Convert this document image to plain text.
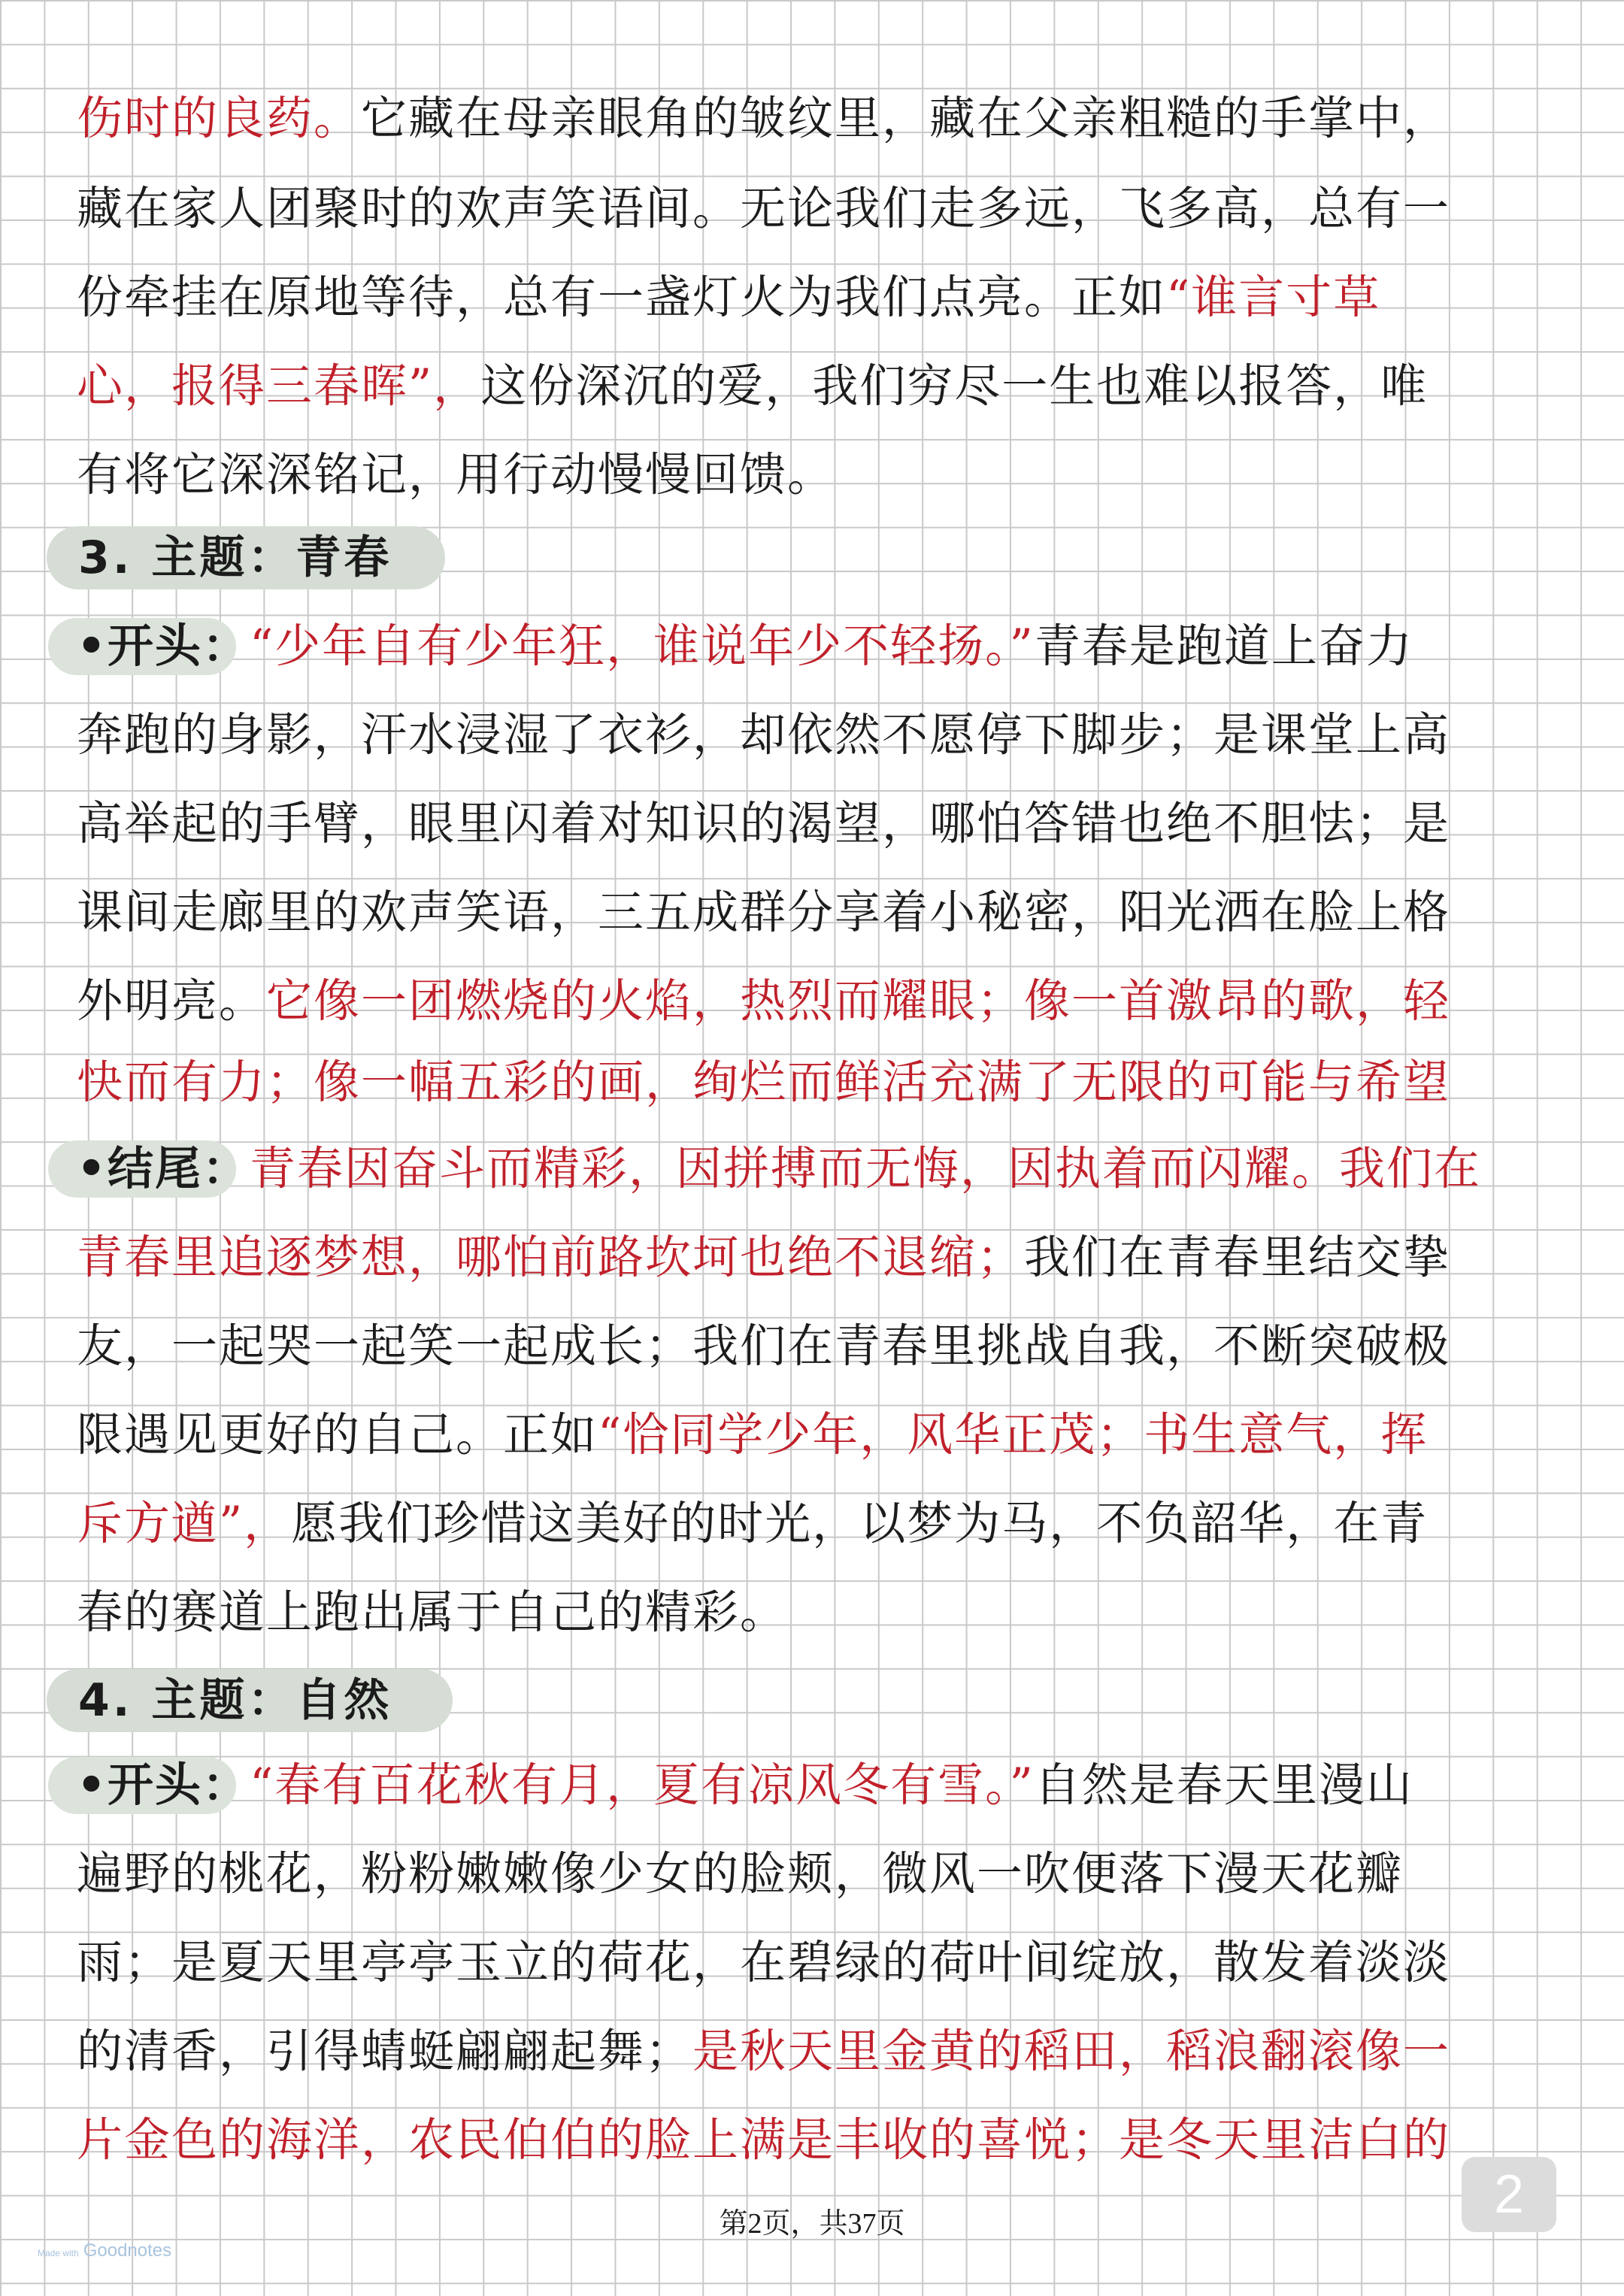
伤时的良药。它藏在母亲眼角的皱纹里，藏在父亲粗糙的手掌中，
藏在家人团聚时的欢声笑语间。无论我们走多远，飞多高，总有一
份牵挂在原地等待，总有一盏灯火为我们点亮。正如“谁言寸草
心，报得三春晖”，这份深沉的爱，我们穷尽一生也难以报答，唯
有将它深深铭记，用行动慢慢回馈。
3. 主题：青春
•开头：“少年自有少年狂，谁说年少不轻扬。”青春是跑道上奋力
奔跑的身影，汗水浸湿了衣衫，却依然不愿停下脚步；是课堂上高
高举起的手臂，眼里闪着对知识的渴望，哪怕答错也绝不胆怯；是
课间走廊里的欢声笑语，三五成群分享着小秘密，阳光洒在脸上格
外明亮。它像一团燃烧的火焰，热烈而耀眼；像一首激昂的歌，轻
快而有力；像一幅五彩的画，绚烂而鲜活充满了无限的可能与希望
•结尾：青春因奋斗而精彩，因拼搏而无悔，因执着而闪耀。我们在
青春里追逐梦想，哪怕前路坎坷也绝不退缩；我们在青春里结交挚
友，一起哭一起笑一起成长；我们在青春里挑战自我，不断突破极
限遇见更好的自己。正如“恰同学少年，风华正茂；书生意气，挥
斥方遒”，愿我们珍惜这美好的时光，以梦为马，不负韶华，在青
春的赛道上跑出属于自己的精彩。
4. 主题：自然
•开头：“春有百花秋有月，夏有凉风冬有雪。”自然是春天里漫山
遍野的桃花，粉粉嫩嫩像少女的脸颊，微风一吹便落下漫天花瓣
雨；是夏天里亭亭玉立的荷花，在碧绿的荷叶间绽放，散发着淡淡
的清香，引得蜻蜓翩翩起舞；是秋天里金黄的稻田，稻浪翻滚像一
片金色的海洋，农民伯伯的脸上满是丰收的喜悦；是冬天里洁白的
2
第2页，共37页
Made with Goodnotes
